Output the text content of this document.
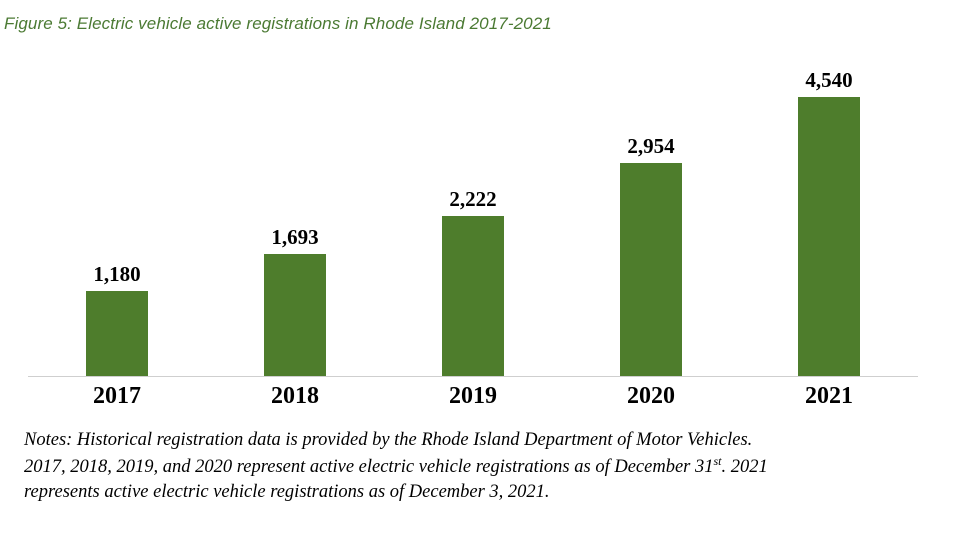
Figure 5: Electric vehicle active registrations in Rhode Island 2017-2021
1,180
1,693
2,222
2,954
4,540
2017	2018	2019	2020	2021
Notes: Historical registration data is provided by the Rhode Island Department of Motor Vehicles.
2017, 2018, 2019, and 2020 represent active electric vehicle registrations as of December 31st. 2021
represents active electric vehicle registrations as of December 3, 2021.
